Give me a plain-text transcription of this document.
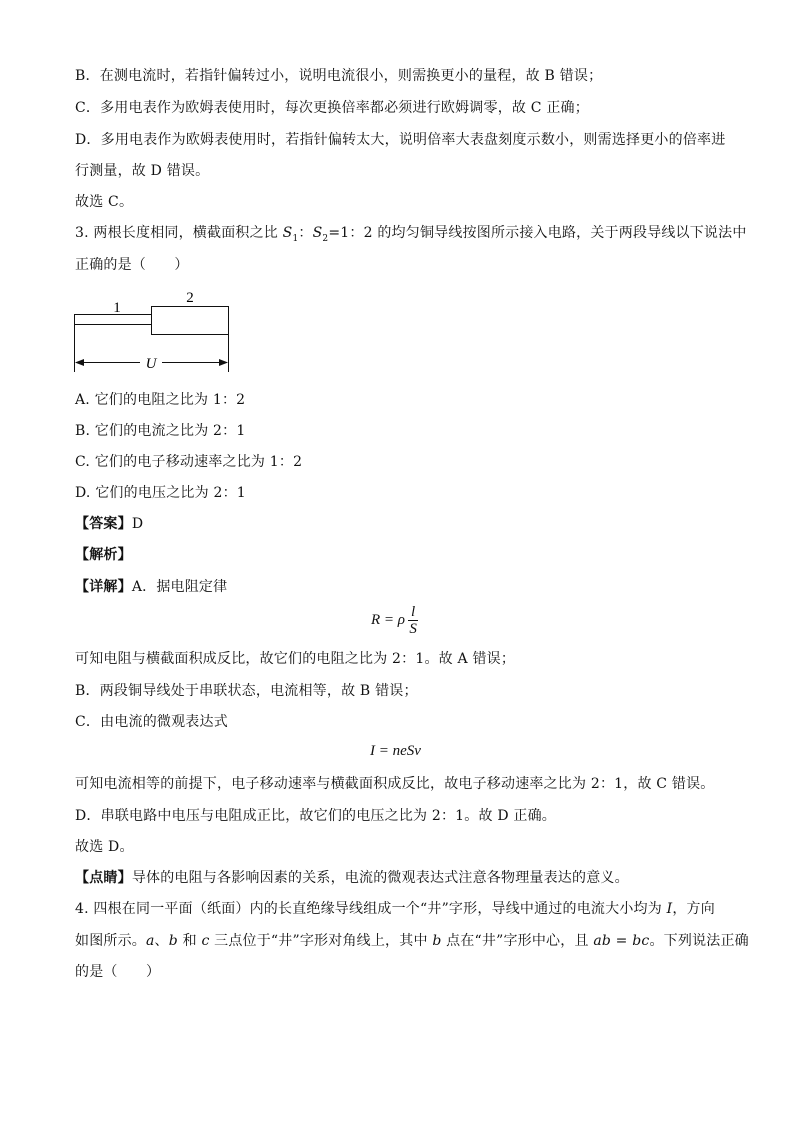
B．在测电流时，若指针偏转过小，说明电流很小，则需换更小的量程，故 B 错误；
C．多用电表作为欧姆表使用时，每次更换倍率都必须进行欧姆调零，故 C 正确；
D．多用电表作为欧姆表使用时，若指针偏转太大，说明倍率大表盘刻度示数小，则需选择更小的倍率进
行测量，故 D 错误。
故选 C。
3. 两根长度相同，横截面积之比 $S_1$：$S_2=1$：2 的均匀铜导线按图所示接入电路，关于两段导线以下说法中
正确的是（　　）
1
2
U
A. 它们的电阻之比为 1：2
B. 它们的电流之比为 2：1
C. 它们的电子移动速率之比为 1：2
D. 它们的电压之比为 2：1
【答案】D
【解析】
【详解】A．据电阻定律
R = ρ $\frac{l}{S}$
可知电阻与横截面积成反比，故它们的电阻之比为 2：1。故 A 错误；
B．两段铜导线处于串联状态，电流相等，故 B 错误；
C．由电流的微观表达式
I = neSv
可知电流相等的前提下，电子移动速率与横截面积成反比，故电子移动速率之比为 2：1，故 C 错误。
D．串联电路中电压与电阻成正比，故它们的电压之比为 2：1。故 D 正确。
故选 D。
【点睛】导体的电阻与各影响因素的关系，电流的微观表达式注意各物理量表达的意义。
4. 四根在同一平面（纸面）内的长直绝缘导线组成一个“井”字形，导线中通过的电流大小均为 I，方向
如图所示。a、b 和 c 三点位于“井”字形对角线上，其中 b 点在“井”字形中心，且 ab = bc。下列说法正确
的是（　　）
